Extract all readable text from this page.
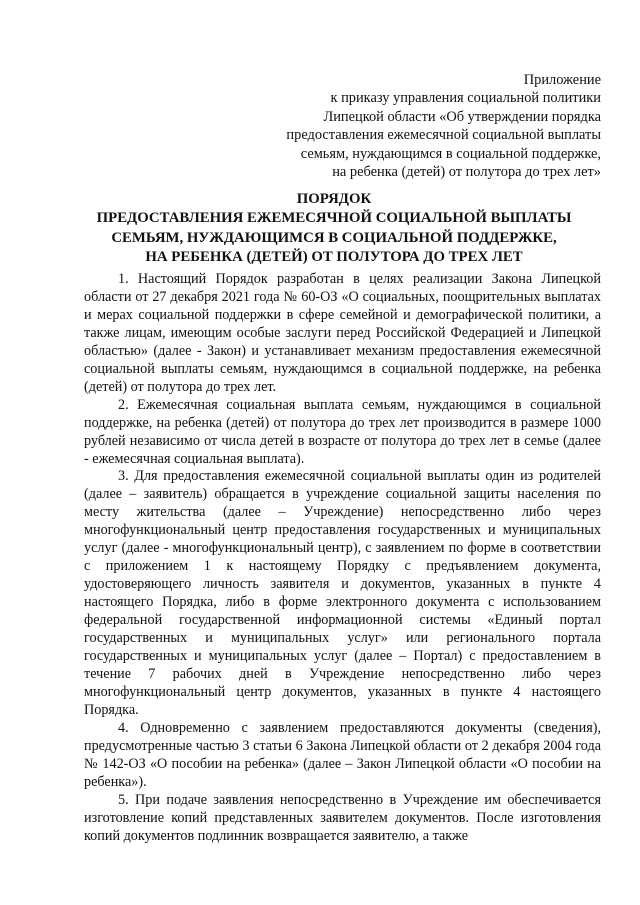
Приложение
к приказу управления социальной политики
Липецкой области «Об утверждении порядка
предоставления ежемесячной социальной выплаты
семьям, нуждающимся в социальной поддержке,
на ребенка (детей) от полутора до трех лет»
ПОРЯДОК
ПРЕДОСТАВЛЕНИЯ ЕЖЕМЕСЯЧНОЙ СОЦИАЛЬНОЙ ВЫПЛАТЫ
СЕМЬЯМ, НУЖДАЮЩИМСЯ В СОЦИАЛЬНОЙ ПОДДЕРЖКЕ,
НА РЕБЕНКА (ДЕТЕЙ) ОТ ПОЛУТОРА ДО ТРЕХ ЛЕТ

1. Настоящий Порядок разработан в целях реализации Закона Липецкой области от 27 декабря 2021 года № 60-ОЗ «О социальных, поощрительных выплатах и мерах социальной поддержки в сфере семейной и демографической политики, а также лицам, имеющим особые заслуги перед Российской Федерацией и Липецкой областью» (далее - Закон) и устанавливает механизм предоставления ежемесячной социальной выплаты семьям, нуждающимся в социальной поддержке, на ребенка (детей) от полутора до трех лет.

2. Ежемесячная социальная выплата семьям, нуждающимся в социальной поддержке, на ребенка (детей) от полутора до трех лет производится в размере 1000 рублей независимо от числа детей в возрасте от полутора до трех лет в семье (далее - ежемесячная социальная выплата).

3. Для предоставления ежемесячной социальной выплаты один из родителей (далее – заявитель) обращается в учреждение социальной защиты населения по месту жительства (далее – Учреждение) непосредственно либо через многофункциональный центр предоставления государственных и муниципальных услуг (далее - многофункциональный центр), с заявлением по форме в соответствии с приложением 1 к настоящему Порядку с предъявлением документа, удостоверяющего личность заявителя и документов, указанных в пункте 4 настоящего Порядка, либо в форме электронного документа с использованием федеральной государственной информационной системы «Единый портал государственных и муниципальных услуг» или регионального портала государственных и муниципальных услуг (далее – Портал) с предоставлением в течение 7 рабочих дней в Учреждение непосредственно либо через многофункциональный центр документов, указанных в пункте 4 настоящего Порядка.

4. Одновременно с заявлением предоставляются документы (сведения), предусмотренные частью 3 статьи 6 Закона Липецкой области от 2 декабря 2004 года № 142-ОЗ «О пособии на ребенка» (далее – Закон Липецкой области «О пособии на ребенка»).

5. При подаче заявления непосредственно в Учреждение им обеспечивается изготовление копий представленных заявителем документов. После изготовления копий документов подлинник возвращается заявителю, а также
